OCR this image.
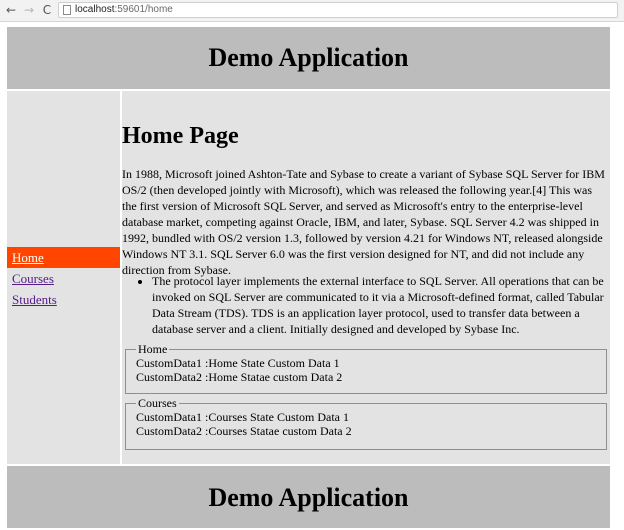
← → C localhost:59601/home
Demo Application
Home
Courses
Students
Home Page

In 1988, Microsoft joined Ashton-Tate and Sybase to create a variant of Sybase SQL Server for IBM OS/2 (then developed jointly with Microsoft), which was released the following year.[4] This was the first version of Microsoft SQL Server, and served as Microsoft's entry to the enterprise-level database market, competing against Oracle, IBM, and later, Sybase. SQL Server 4.2 was shipped in 1992, bundled with OS/2 version 1.3, followed by version 4.21 for Windows NT, released alongside Windows NT 3.1. SQL Server 6.0 was the first version designed for NT, and did not include any direction from Sybase.

• The protocol layer implements the external interface to SQL Server. All operations that can be invoked on SQL Server are communicated to it via a Microsoft-defined format, called Tabular Data Stream (TDS). TDS is an application layer protocol, used to transfer data between a database server and a client. Initially designed and developed by Sybase Inc.
Home
CustomData1 :Home State Custom Data 1
CustomData2 :Home Statae custom Data 2
Courses
CustomData1 :Courses State Custom Data 1
CustomData2 :Courses Statae custom Data 2
Demo Application
